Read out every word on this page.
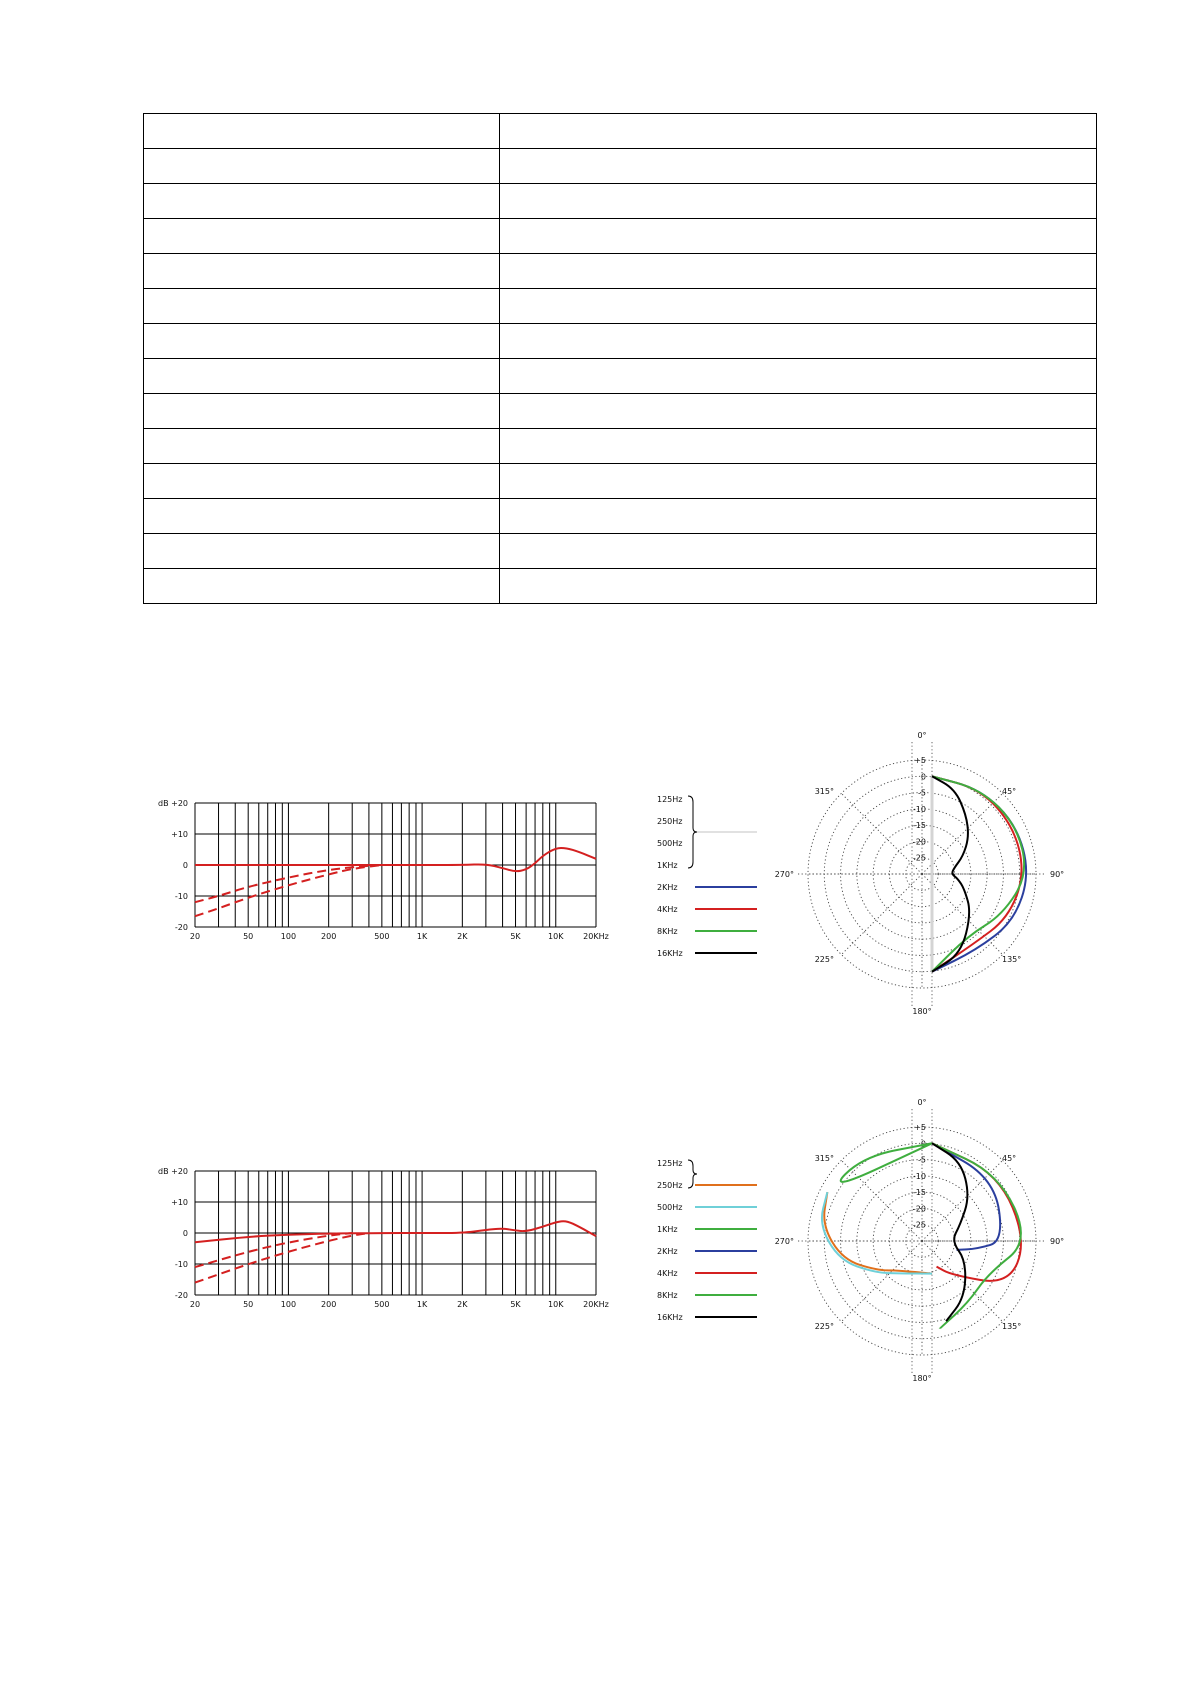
dB +20
+10
0
-10
-20
20	50	100	200	500	1K	2K	5K	10K 20KHz
0°
45°
90°
135°
180°
225°
270°
315°
+5
0
-5
-10
-15
-20
-25
125Hz
250Hz
500Hz
1KHz
2KHz
4KHz
8KHz
16KHz
dB +20
+10
0
-10
-20
20	50	100	200	500	1K	2K	5K	10K 20KHz
0°
45°
90°
135°
180°
225°
270°
315°
+5
0
-5
-10
-15
-20
-25
125Hz
250Hz
500Hz
1KHz
2KHz
4KHz
8KHz
16KHz
